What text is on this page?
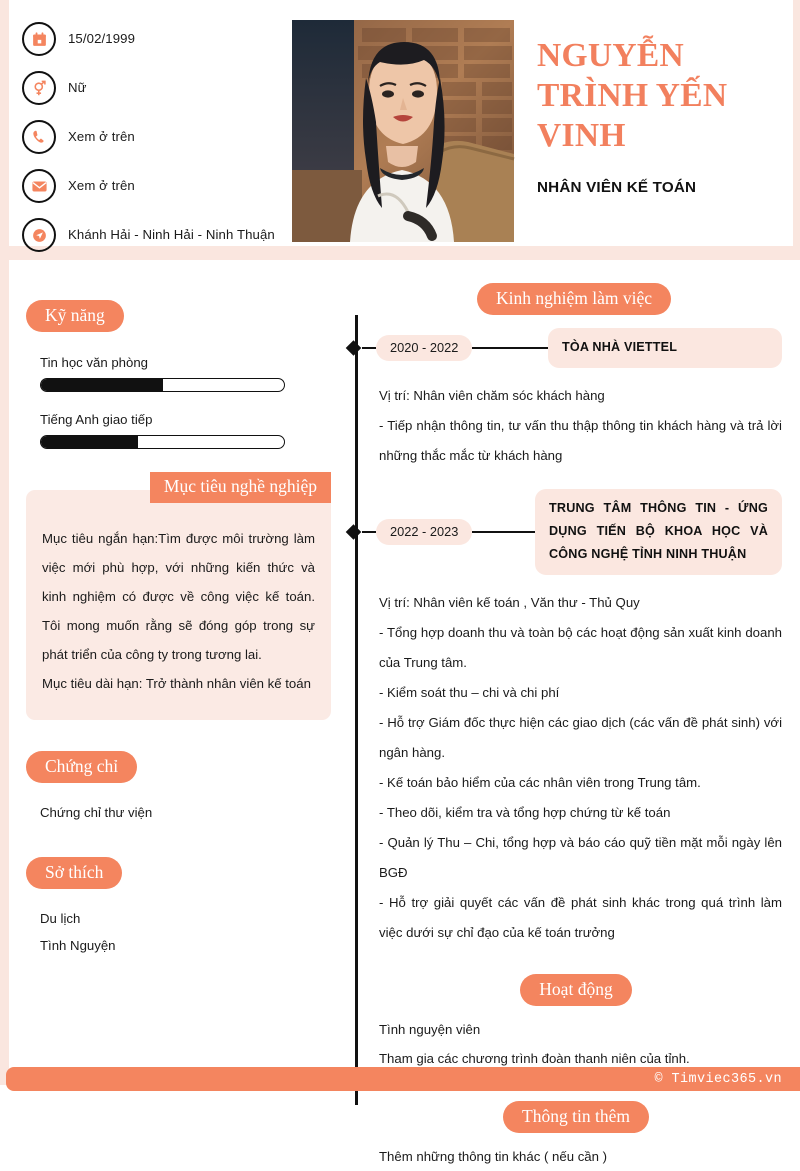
15/02/1999
Nữ
Xem ở trên
Xem ở trên
Khánh Hải - Ninh Hải - Ninh Thuận
NGUYỄN TRÌNH YẾN VINH
NHÂN VIÊN KẾ TOÁN
Kỹ năng
Tin học văn phòng
Tiếng Anh giao tiếp
Mục tiêu nghề nghiệp

Mục tiêu ngắn hạn:Tìm được môi trường làm việc mới phù hợp, với những kiến thức và kinh nghiệm có được về công việc kế toán. Tôi mong muốn rằng sẽ đóng góp trong sự phát triển của công ty trong tương lai.

Mục tiêu dài hạn: Trở thành nhân viên kế toán

Chứng chỉ
Chứng chỉ thư viện
Sở thích
Du lịch
Tình Nguyện
Kinh nghiệm làm việc
2020 - 2022	TÒA NHÀ VIETTEL
Vị trí: Nhân viên chăm sóc khách hàng
- Tiếp nhận thông tin, tư vấn thu thập thông tin khách hàng và trả lời những thắc mắc từ khách hàng
2022 - 2023
TRUNG TÂM THÔNG TIN - ỨNG DỤNG TIẾN BỘ KHOA HỌC VÀ CÔNG NGHỆ TỈNH NINH THUẬN
Vị trí: Nhân viên kế toán , Văn thư - Thủ Quy
- Tổng hợp doanh thu và toàn bộ các hoạt động sản xuất kinh doanh của Trung tâm.
- Kiểm soát thu – chi và chi phí
- Hỗ trợ Giám đốc thực hiện các giao dịch (các vấn đề phát sinh) với ngân hàng.
- Kế toán bảo hiểm của các nhân viên trong Trung tâm.
- Theo dõi, kiểm tra và tổng hợp chứng từ kế toán
- Quản lý Thu – Chi, tổng hợp và báo cáo quỹ tiền mặt mỗi ngày lên BGĐ
- Hỗ trợ giải quyết các vấn đề phát sinh khác trong quá trình làm việc dưới sự chỉ đạo của kế toán trưởng
Hoạt động
Tình nguyện viên
Tham gia các chương trình đoàn thanh niên của tỉnh.
Thông tin thêm
Thêm những thông tin khác ( nếu cần )
© Timviec365.vn
